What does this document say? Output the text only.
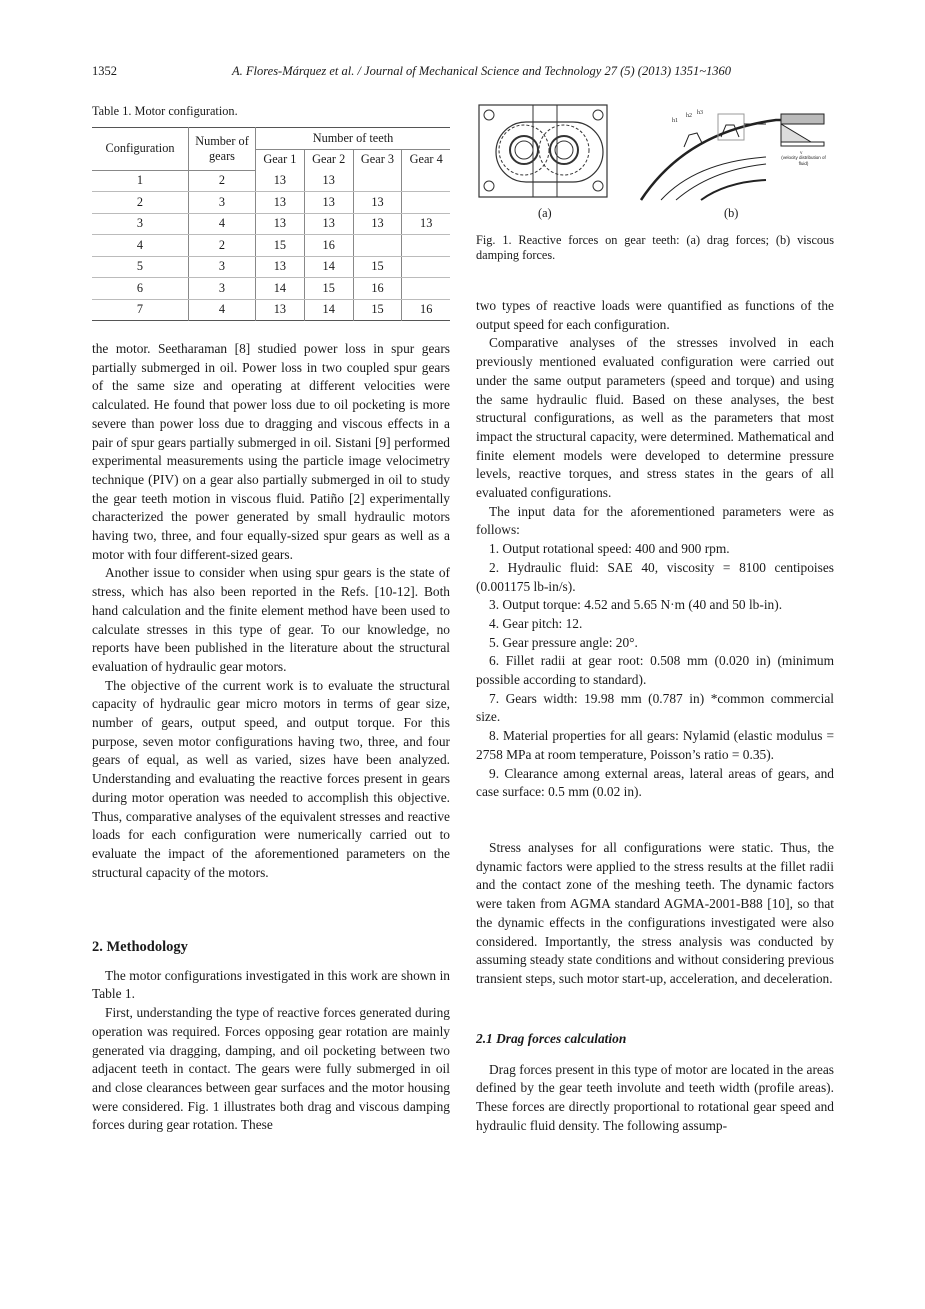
1352	A. Flores-Márquez et al. / Journal of Mechanical Science and Technology 27 (5) (2013) 1351~1360
Table 1. Motor configuration.
Configuration	Number of gears	Number of teeth			
		Gear 1	Gear 2	Gear 3	Gear 4
1	2	13	13		
2	3	13	13	13	
3	4	13	13	13	13
4	2	15	16		
5	3	13	14	15	
6	3	14	15	16	
7	4	13	14	15	16
h1
h2 h3
v
(velocity distribution of fluid)
(a)	(b)
Fig. 1. Reactive forces on gear teeth: (a) drag forces; (b) viscous damping forces.

the motor. Seetharaman [8] studied power loss in spur gears partially submerged in oil. Power loss in two coupled spur gears of the same size and operating at different velocities were calculated. He found that power loss due to oil pocketing is more severe than power loss due to dragging and viscous effects in a pair of spur gears partially submerged in oil. Sistani [9] performed experimental measurements using the particle image velocimetry technique (PIV) on a gear also partially submerged in oil to study the gear teeth motion in viscous fluid. Patiño [2] experimentally characterized the power generated by small hydraulic motors having two, three, and four equally-sized spur gears as well as a motor with four different-sized gears.

Another issue to consider when using spur gears is the state of stress, which has also been reported in the Refs. [10-12]. Both hand calculation and the finite element method have been used to calculate stresses in this type of gear. To our knowledge, no reports have been published in the literature about the structural evaluation of hydraulic gear motors.

The objective of the current work is to evaluate the structural capacity of hydraulic gear micro motors in terms of gear size, number of gears, output speed, and output torque. For this purpose, seven motor configurations having two, three, and four gears of equal, as well as varied, sizes have been analyzed. Understanding and evaluating the reactive forces present in gears during motor operation was needed to accomplish this objective. Thus, comparative analyses of the equivalent stresses and reactive loads for each configuration were numerically carried out to evaluate the impact of the aforementioned parameters on the structural capacity of the motors.

2. Methodology

The motor configurations investigated in this work are shown in Table 1.

First, understanding the type of reactive forces generated during operation was required. Forces opposing gear rotation are mainly generated via dragging, damping, and oil pocketing between two adjacent teeth in contact. The gears were fully submerged in oil and close clearances between gear surfaces and the motor housing were considered. Fig. 1 illustrates both drag and viscous damping forces during gear rotation. These

two types of reactive loads were quantified as functions of the output speed for each configuration.

Comparative analyses of the stresses involved in each previously mentioned evaluated configuration were carried out under the same output parameters (speed and torque) and using the same hydraulic fluid. Based on these analyses, the best structural configurations, as well as the parameters that most impact the structural capacity, were determined. Mathematical and finite element models were developed to determine pressure levels, reactive torques, and stress states in the gears of all evaluated configurations.

The input data for the aforementioned parameters were as follows:

1. Output rotational speed: 400 and 900 rpm.

2. Hydraulic fluid: SAE 40, viscosity = 8100 centipoises (0.001175 lb-in/s).

3. Output torque: 4.52 and 5.65 N·m (40 and 50 lb-in).

4. Gear pitch: 12.

5. Gear pressure angle: 20°.

6. Fillet radii at gear root: 0.508 mm (0.020 in) (minimum possible according to standard).

7. Gears width: 19.98 mm (0.787 in) *common commercial size.

8. Material properties for all gears: Nylamid (elastic modulus = 2758 MPa at room temperature, Poisson’s ratio = 0.35).

9. Clearance among external areas, lateral areas of gears, and case surface: 0.5 mm (0.02 in).

Stress analyses for all configurations were static. Thus, the dynamic factors were applied to the stress results at the fillet radii and the contact zone of the meshing teeth. The dynamic factors were taken from AGMA standard AGMA-2001-B88 [10], so that the dynamic effects in the configurations investigated were also considered. Importantly, the stress analysis was conducted by assuming steady state conditions and without considering previous transient steps, such motor start-up, acceleration, and deceleration.

2.1 Drag forces calculation

Drag forces present in this type of motor are located in the areas defined by the gear teeth involute and teeth width (profile areas). These forces are directly proportional to rotational gear speed and hydraulic fluid density. The following assump-
